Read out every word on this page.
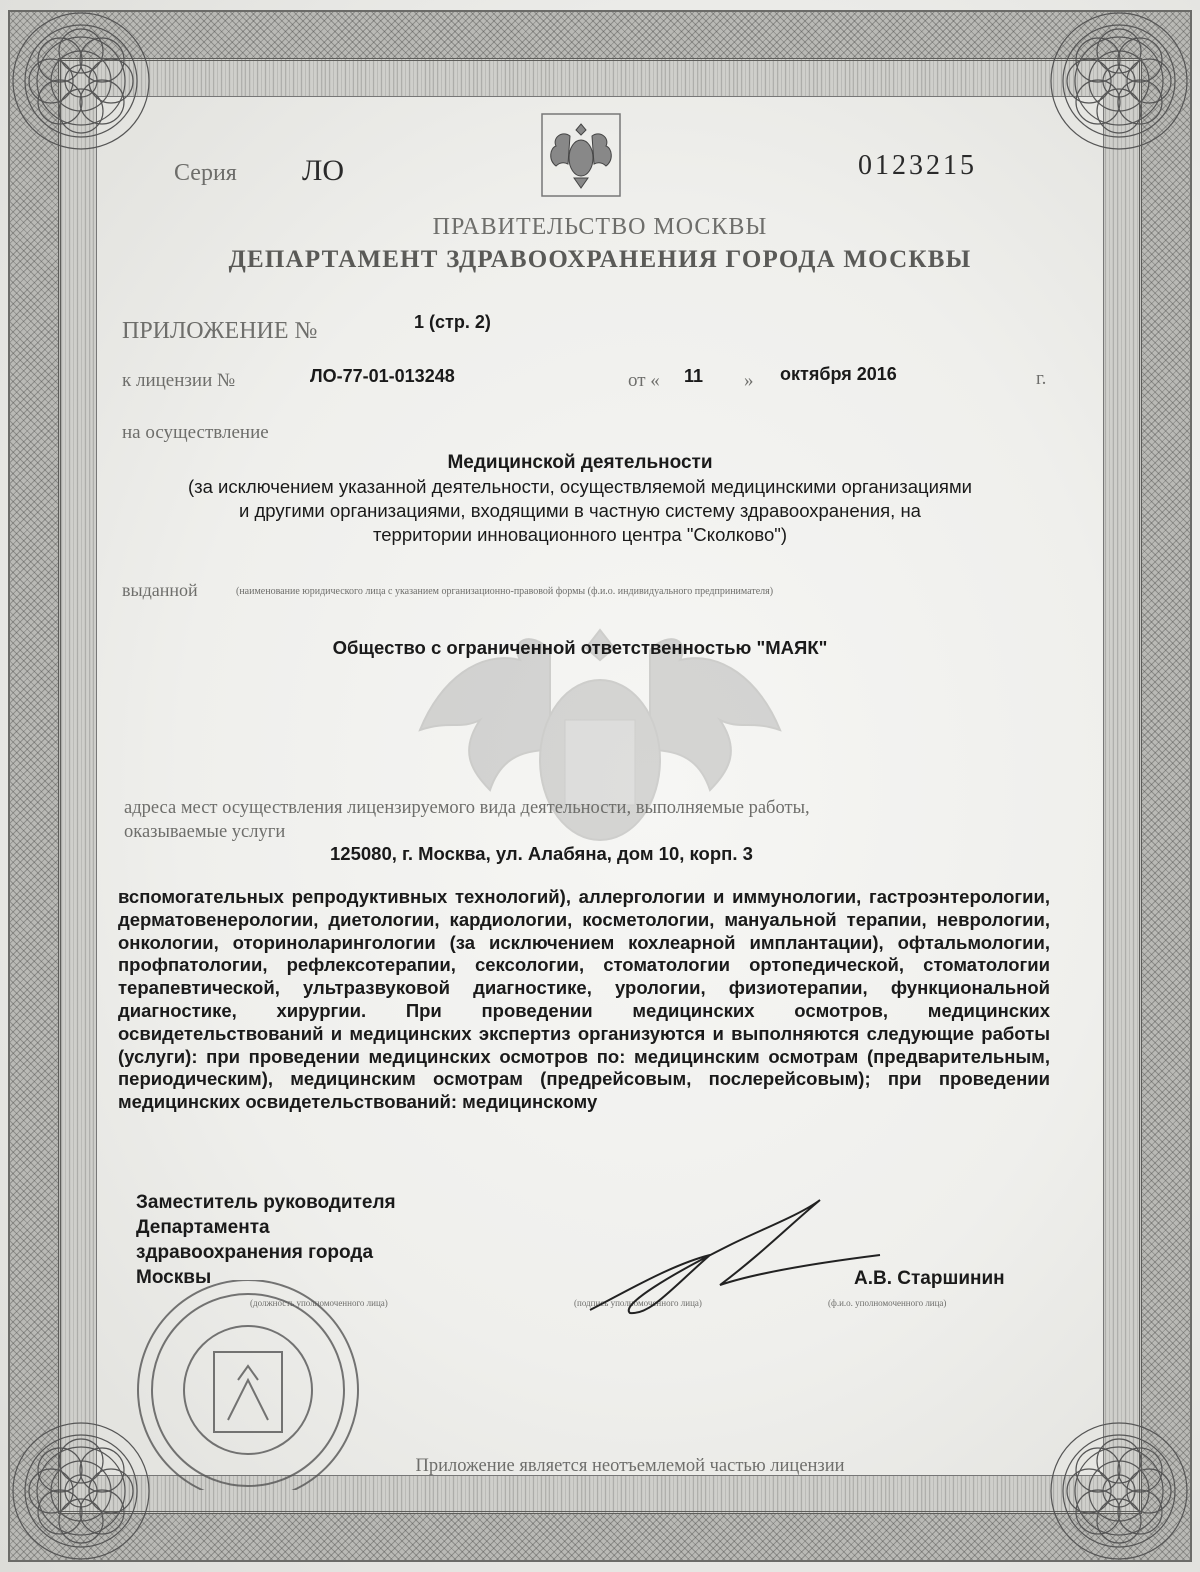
Серия ЛО	0123215
ПРАВИТЕЛЬСТВО МОСКВЫ
ДЕПАРТАМЕНТ ЗДРАВООХРАНЕНИЯ ГОРОДА МОСКВЫ
ПРИЛОЖЕНИЕ №	1 (стр. 2)
к лицензии №	ЛО-77-01-013248	от « 11 » октября 2016	г.
на осуществление
Медицинской деятельности
(за исключением указанной деятельности, осуществляемой медицинскими организациями
и другими организациями, входящими в частную систему здравоохранения, на
территории инновационного центра "Сколково")
выданной	(наименование юридического лица с указанием организационно-правовой формы (ф.и.о. индивидуального предпринимателя)
Общество с ограниченной ответственностью "МАЯК"
адреса мест осуществления лицензируемого вида деятельности, выполняемые работы,
оказываемые услуги
125080, г. Москва, ул. Алабяна, дом 10, корп. 3
вспомогательных репродуктивных технологий), аллергологии и иммунологии, гастроэнтерологии, дерматовенерологии, диетологии, кардиологии, косметологии, мануальной терапии, неврологии, онкологии, оториноларингологии (за исключением кохлеарной имплантации), офтальмологии, профпатологии, рефлексотерапии, сексологии, стоматологии ортопедической, стоматологии терапевтической, ультразвуковой диагностике, урологии, физиотерапии, функциональной диагностике, хирургии. При проведении медицинских осмотров, медицинских освидетельствований и медицинских экспертиз организуются и выполняются следующие работы (услуги): при проведении медицинских осмотров по: медицинским осмотрам (предварительным, периодическим), медицинским осмотрам (предрейсовым, послерейсовым); при проведении медицинских освидетельствований: медицинскому
Заместитель руководителя
Департамента
здравоохранения города
Москвы
(должность уполномоченного лица)	(подпись уполномоченного лица)
А.В. Старшинин
(ф.и.о. уполномоченного лица)
Приложение является неотъемлемой частью лицензии
